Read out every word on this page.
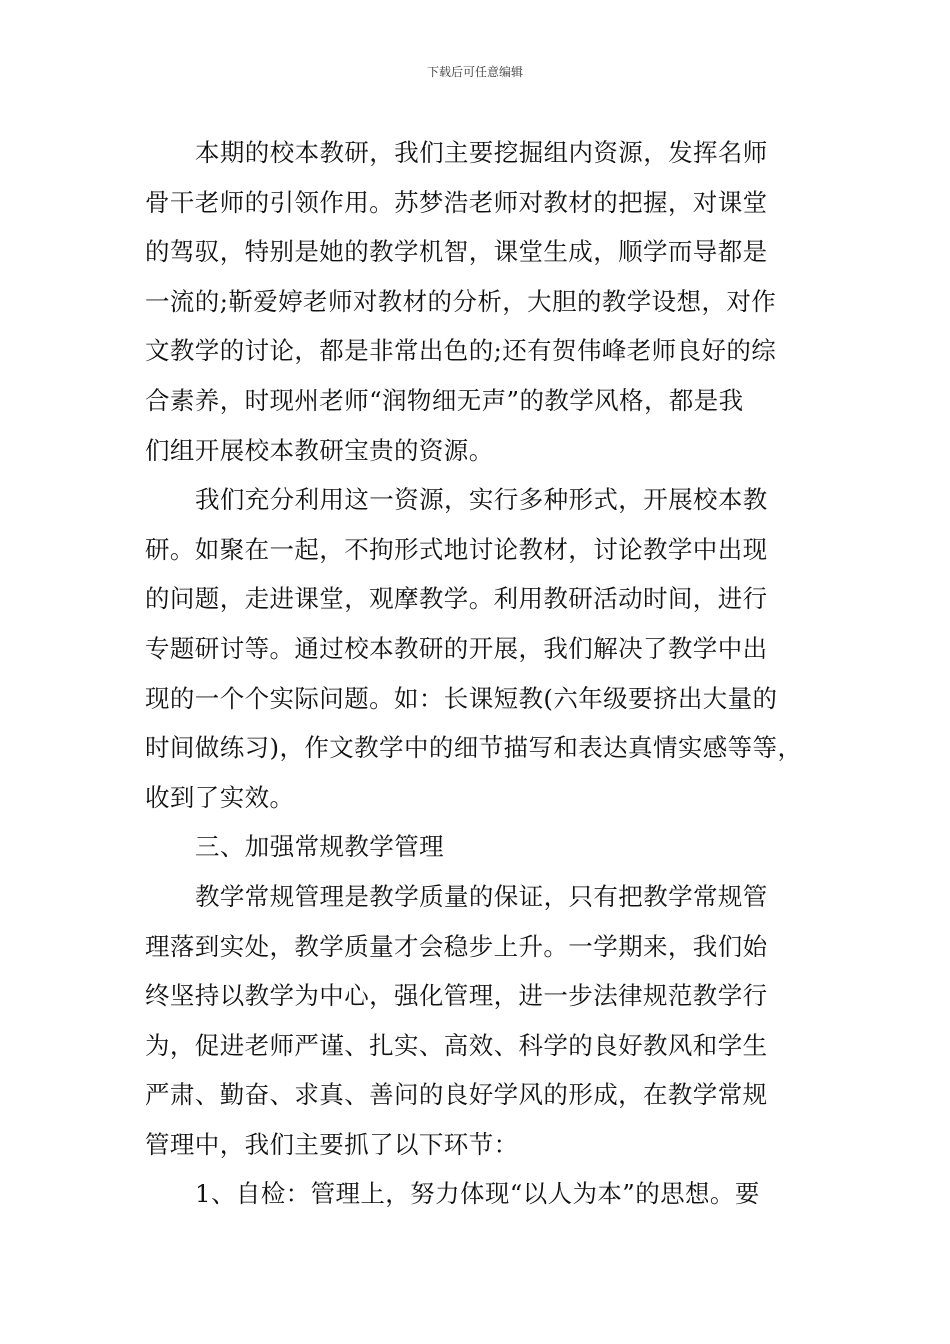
下载后可任意编辑
本期的校本教研，我们主要挖掘组内资源，发挥名师
骨干老师的引领作用。苏梦浩老师对教材的把握，对课堂
的驾驭，特别是她的教学机智，课堂生成，顺学而导都是
一流的;靳爱婷老师对教材的分析，大胆的教学设想，对作
文教学的讨论，都是非常出色的;还有贺伟峰老师良好的综
合素养，时现州老师“润物细无声”的教学风格，都是我
们组开展校本教研宝贵的资源。
我们充分利用这一资源，实行多种形式，开展校本教
研。如聚在一起，不拘形式地讨论教材，讨论教学中出现
的问题，走进课堂，观摩教学。利用教研活动时间，进行
专题研讨等。通过校本教研的开展，我们解决了教学中出
现的一个个实际问题。如：长课短教(六年级要挤出大量的
时间做练习)，作文教学中的细节描写和表达真情实感等等，
收到了实效。
三、加强常规教学管理
教学常规管理是教学质量的保证，只有把教学常规管
理落到实处，教学质量才会稳步上升。一学期来，我们始
终坚持以教学为中心，强化管理，进一步法律规范教学行
为，促进老师严谨、扎实、高效、科学的良好教风和学生
严肃、勤奋、求真、善问的良好学风的形成，在教学常规
管理中，我们主要抓了以下环节：
1、自检：管理上，努力体现“以人为本”的思想。要
